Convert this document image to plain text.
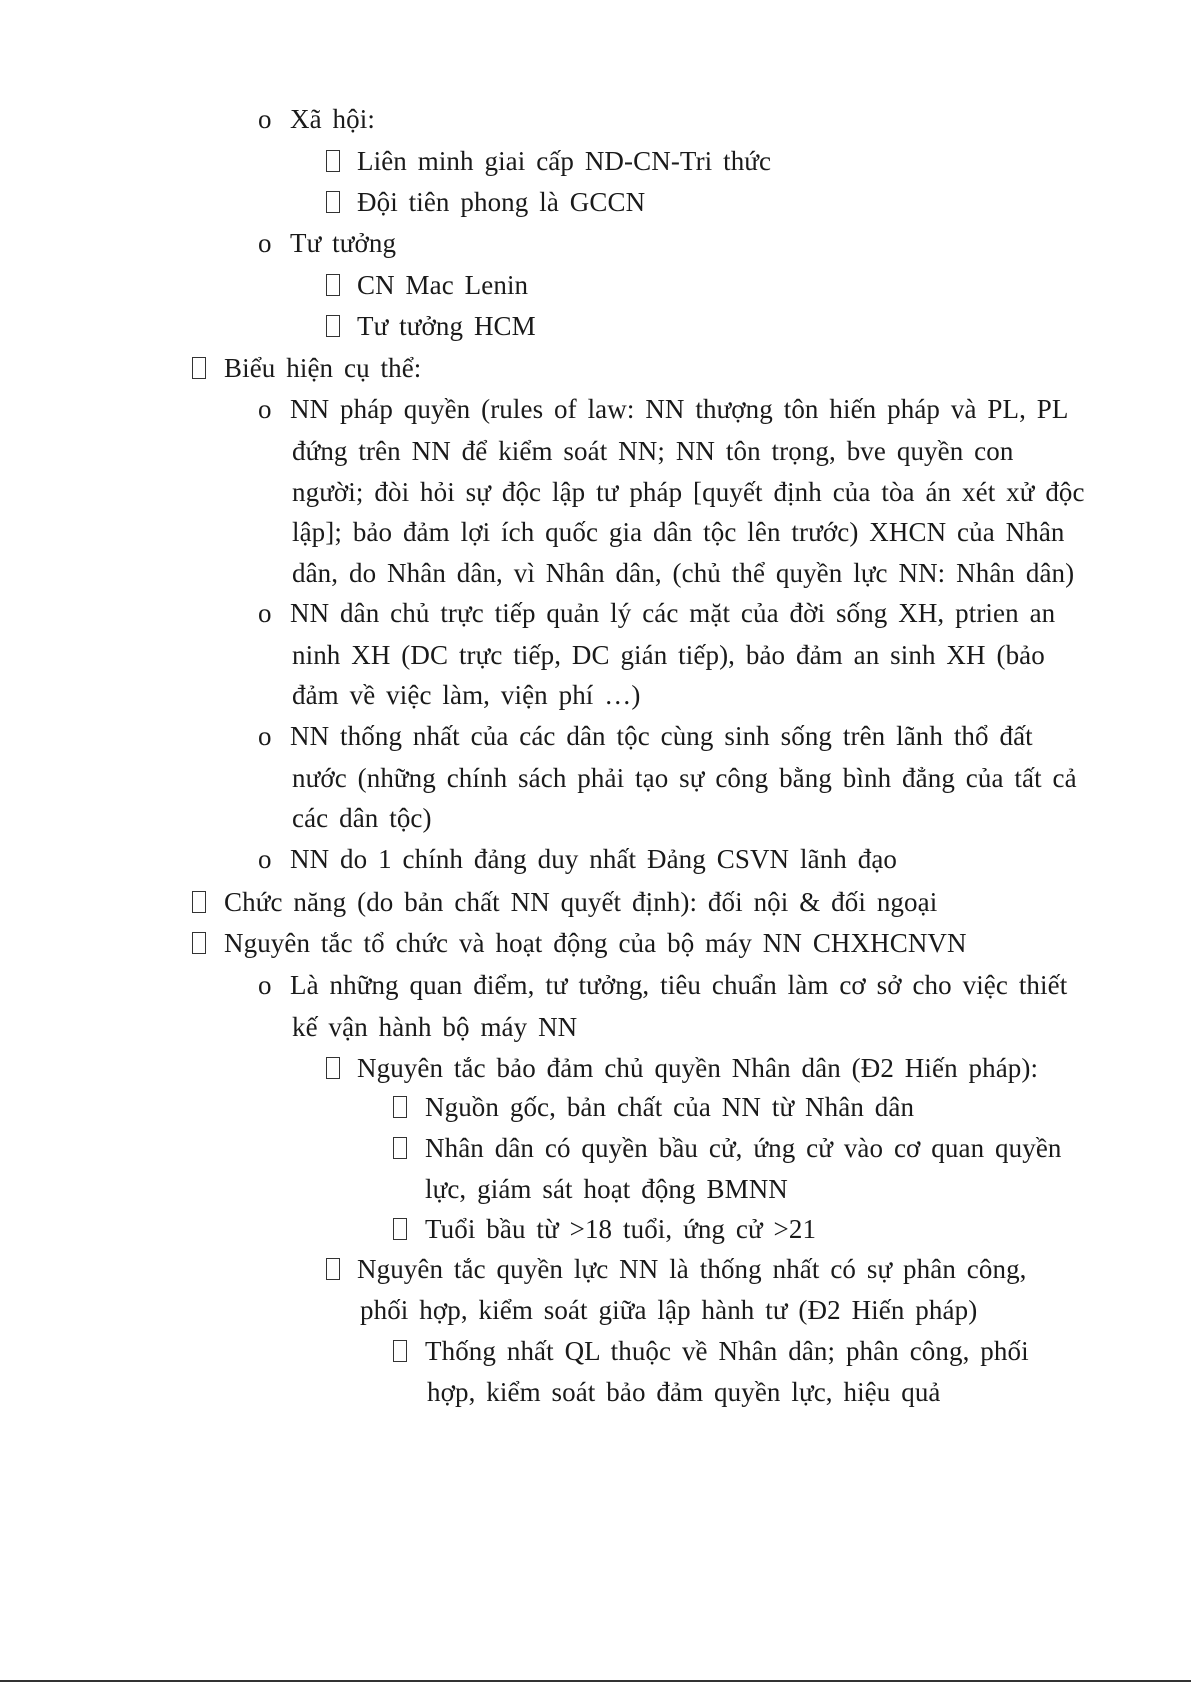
o Xã hội:
Liên minh giai cấp ND-CN-Tri thức
Đội tiên phong là GCCN
o Tư tưởng
CN Mac Lenin
Tư tưởng HCM
Biểu hiện cụ thể:
o NN pháp quyền (rules of law: NN thượng tôn hiến pháp và PL, PL
đứng trên NN để kiểm soát NN; NN tôn trọng, bve quyền con
người; đòi hỏi sự độc lập tư pháp [quyết định của tòa án xét xử độc
lập]; bảo đảm lợi ích quốc gia dân tộc lên trước) XHCN của Nhân
dân, do Nhân dân, vì Nhân dân, (chủ thể quyền lực NN: Nhân dân)
o NN dân chủ trực tiếp quản lý các mặt của đời sống XH, ptrien an
ninh XH (DC trực tiếp, DC gián tiếp), bảo đảm an sinh XH (bảo
đảm về việc làm, viện phí …)
o NN thống nhất của các dân tộc cùng sinh sống trên lãnh thổ đất
nước (những chính sách phải tạo sự công bằng bình đẳng của tất cả
các dân tộc)
o NN do 1 chính đảng duy nhất Đảng CSVN lãnh đạo
Chức năng (do bản chất NN quyết định): đối nội & đối ngoại
Nguyên tắc tổ chức và hoạt động của bộ máy NN CHXHCNVN
o Là những quan điểm, tư tưởng, tiêu chuẩn làm cơ sở cho việc thiết
kế vận hành bộ máy NN
Nguyên tắc bảo đảm chủ quyền Nhân dân (Đ2 Hiến pháp):
Nguồn gốc, bản chất của NN từ Nhân dân
Nhân dân có quyền bầu cử, ứng cử vào cơ quan quyền
lực, giám sát hoạt động BMNN
Tuổi bầu từ >18 tuổi, ứng cử >21
Nguyên tắc quyền lực NN là thống nhất có sự phân công,
phối hợp, kiểm soát giữa lập hành tư (Đ2 Hiến pháp)
Thống nhất QL thuộc về Nhân dân; phân công, phối
hợp, kiểm soát bảo đảm quyền lực, hiệu quả
